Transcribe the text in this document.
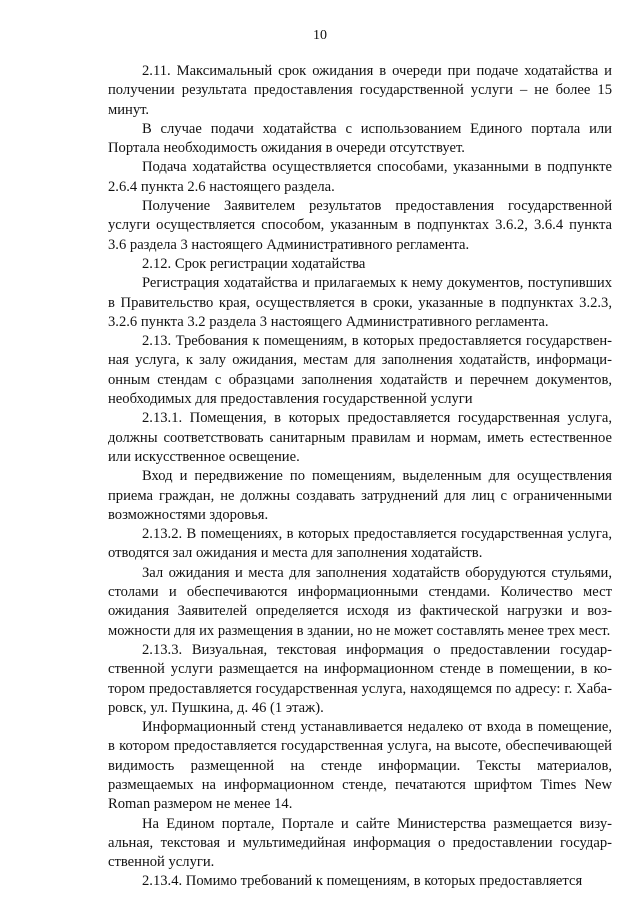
10

2.11. Максимальный срок ожидания в очереди при подаче ходатайства и получении результата предоставления государственной услуги – не более 15 минут.

В случае подачи ходатайства с использованием Единого портала или Портала необходимость ожидания в очереди отсутствует.

Подача ходатайства осуществляется способами, указанными в подпункте 2.6.4 пункта 2.6 настоящего раздела.

Получение Заявителем результатов предоставления государственной услуги осуществляется способом, указанным в подпунктах 3.6.2, 3.6.4 пункта 3.6 раздела 3 настоящего Административного регламента.

2.12. Срок регистрации ходатайства

Регистрация ходатайства и прилагаемых к нему документов, поступивших в Правительство края, осуществляется в сроки, указанные в подпунктах 3.2.3, 3.2.6 пункта 3.2 раздела 3 настоящего Административного регламента.

2.13. Требования к помещениям, в которых предоставляется государственная услуга, к залу ожидания, местам для заполнения ходатайств, информационным стендам с образцами заполнения ходатайств и перечнем документов, необходимых для предоставления государственной услуги

2.13.1. Помещения, в которых предоставляется государственная услуга, должны соответствовать санитарным правилам и нормам, иметь естественное или искусственное освещение.

Вход и передвижение по помещениям, выделенным для осуществления приема граждан, не должны создавать затруднений для лиц с ограниченными возможностями здоровья.

2.13.2. В помещениях, в которых предоставляется государственная услуга, отводятся зал ожидания и места для заполнения ходатайств.

Зал ожидания и места для заполнения ходатайств оборудуются стульями, столами и обеспечиваются информационными стендами. Количество мест ожидания Заявителей определяется исходя из фактической нагрузки и возможности для их размещения в здании, но не может составлять менее трех мест.

2.13.3. Визуальная, текстовая информация о предоставлении государственной услуги размещается на информационном стенде в помещении, в котором предоставляется государственная услуга, находящемся по адресу: г. Хабаровск, ул. Пушкина, д. 46 (1 этаж).

Информационный стенд устанавливается недалеко от входа в помещение, в котором предоставляется государственная услуга, на высоте, обеспечивающей видимость размещенной на стенде информации. Тексты материалов, размещаемых на информационном стенде, печатаются шрифтом Times New Roman размером не менее 14.

На Едином портале, Портале и сайте Министерства размещается визуальная, текстовая и мультимедийная информация о предоставлении государственной услуги.

2.13.4. Помимо требований к помещениям, в которых предоставляется
